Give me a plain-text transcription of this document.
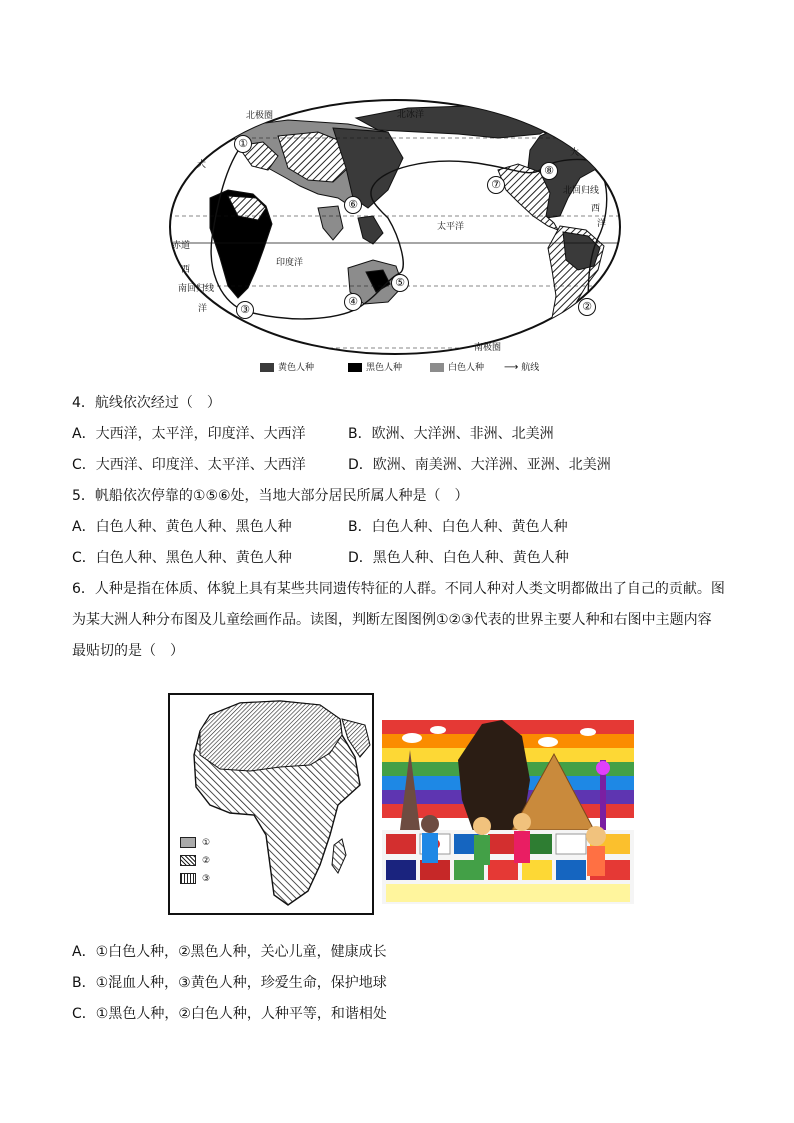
北极圈	北冰洋
大
西
洋
赤道
南回归线
印度洋
太平洋
大
北回归线
西
洋
南极圈
①
②
③
④
⑤
⑥
⑦
⑧
黄色人种	黑色人种	白色人种 ⟶ 航线
4．航线依次经过（　）
A．大西洋，太平洋，印度洋、大西洋	B．欧洲、大洋洲、非洲、北美洲
C．大西洋、印度洋、太平洋、大西洋	D．欧洲、南美洲、大洋洲、亚洲、北美洲
5．帆船依次停靠的①⑤⑥处，当地大部分居民所属人种是（　）
A．白色人种、黄色人种、黑色人种	B．白色人种、白色人种、黄色人种
C．白色人种、黑色人种、黄色人种	D．黑色人种、白色人种、黄色人种
6．人种是指在体质、体貌上具有某些共同遗传特征的人群。不同人种对人类文明都做出了自己的贡献。图
为某大洲人种分布图及儿童绘画作品。读图，判断左图图例①②③代表的世界主要人种和右图中主题内容
最贴切的是（　）
①
②
③
A．①白色人种，②黑色人种，关心儿童，健康成长
B．①混血人种，③黄色人种，珍爱生命，保护地球
C．①黑色人种，②白色人种，人种平等，和谐相处
